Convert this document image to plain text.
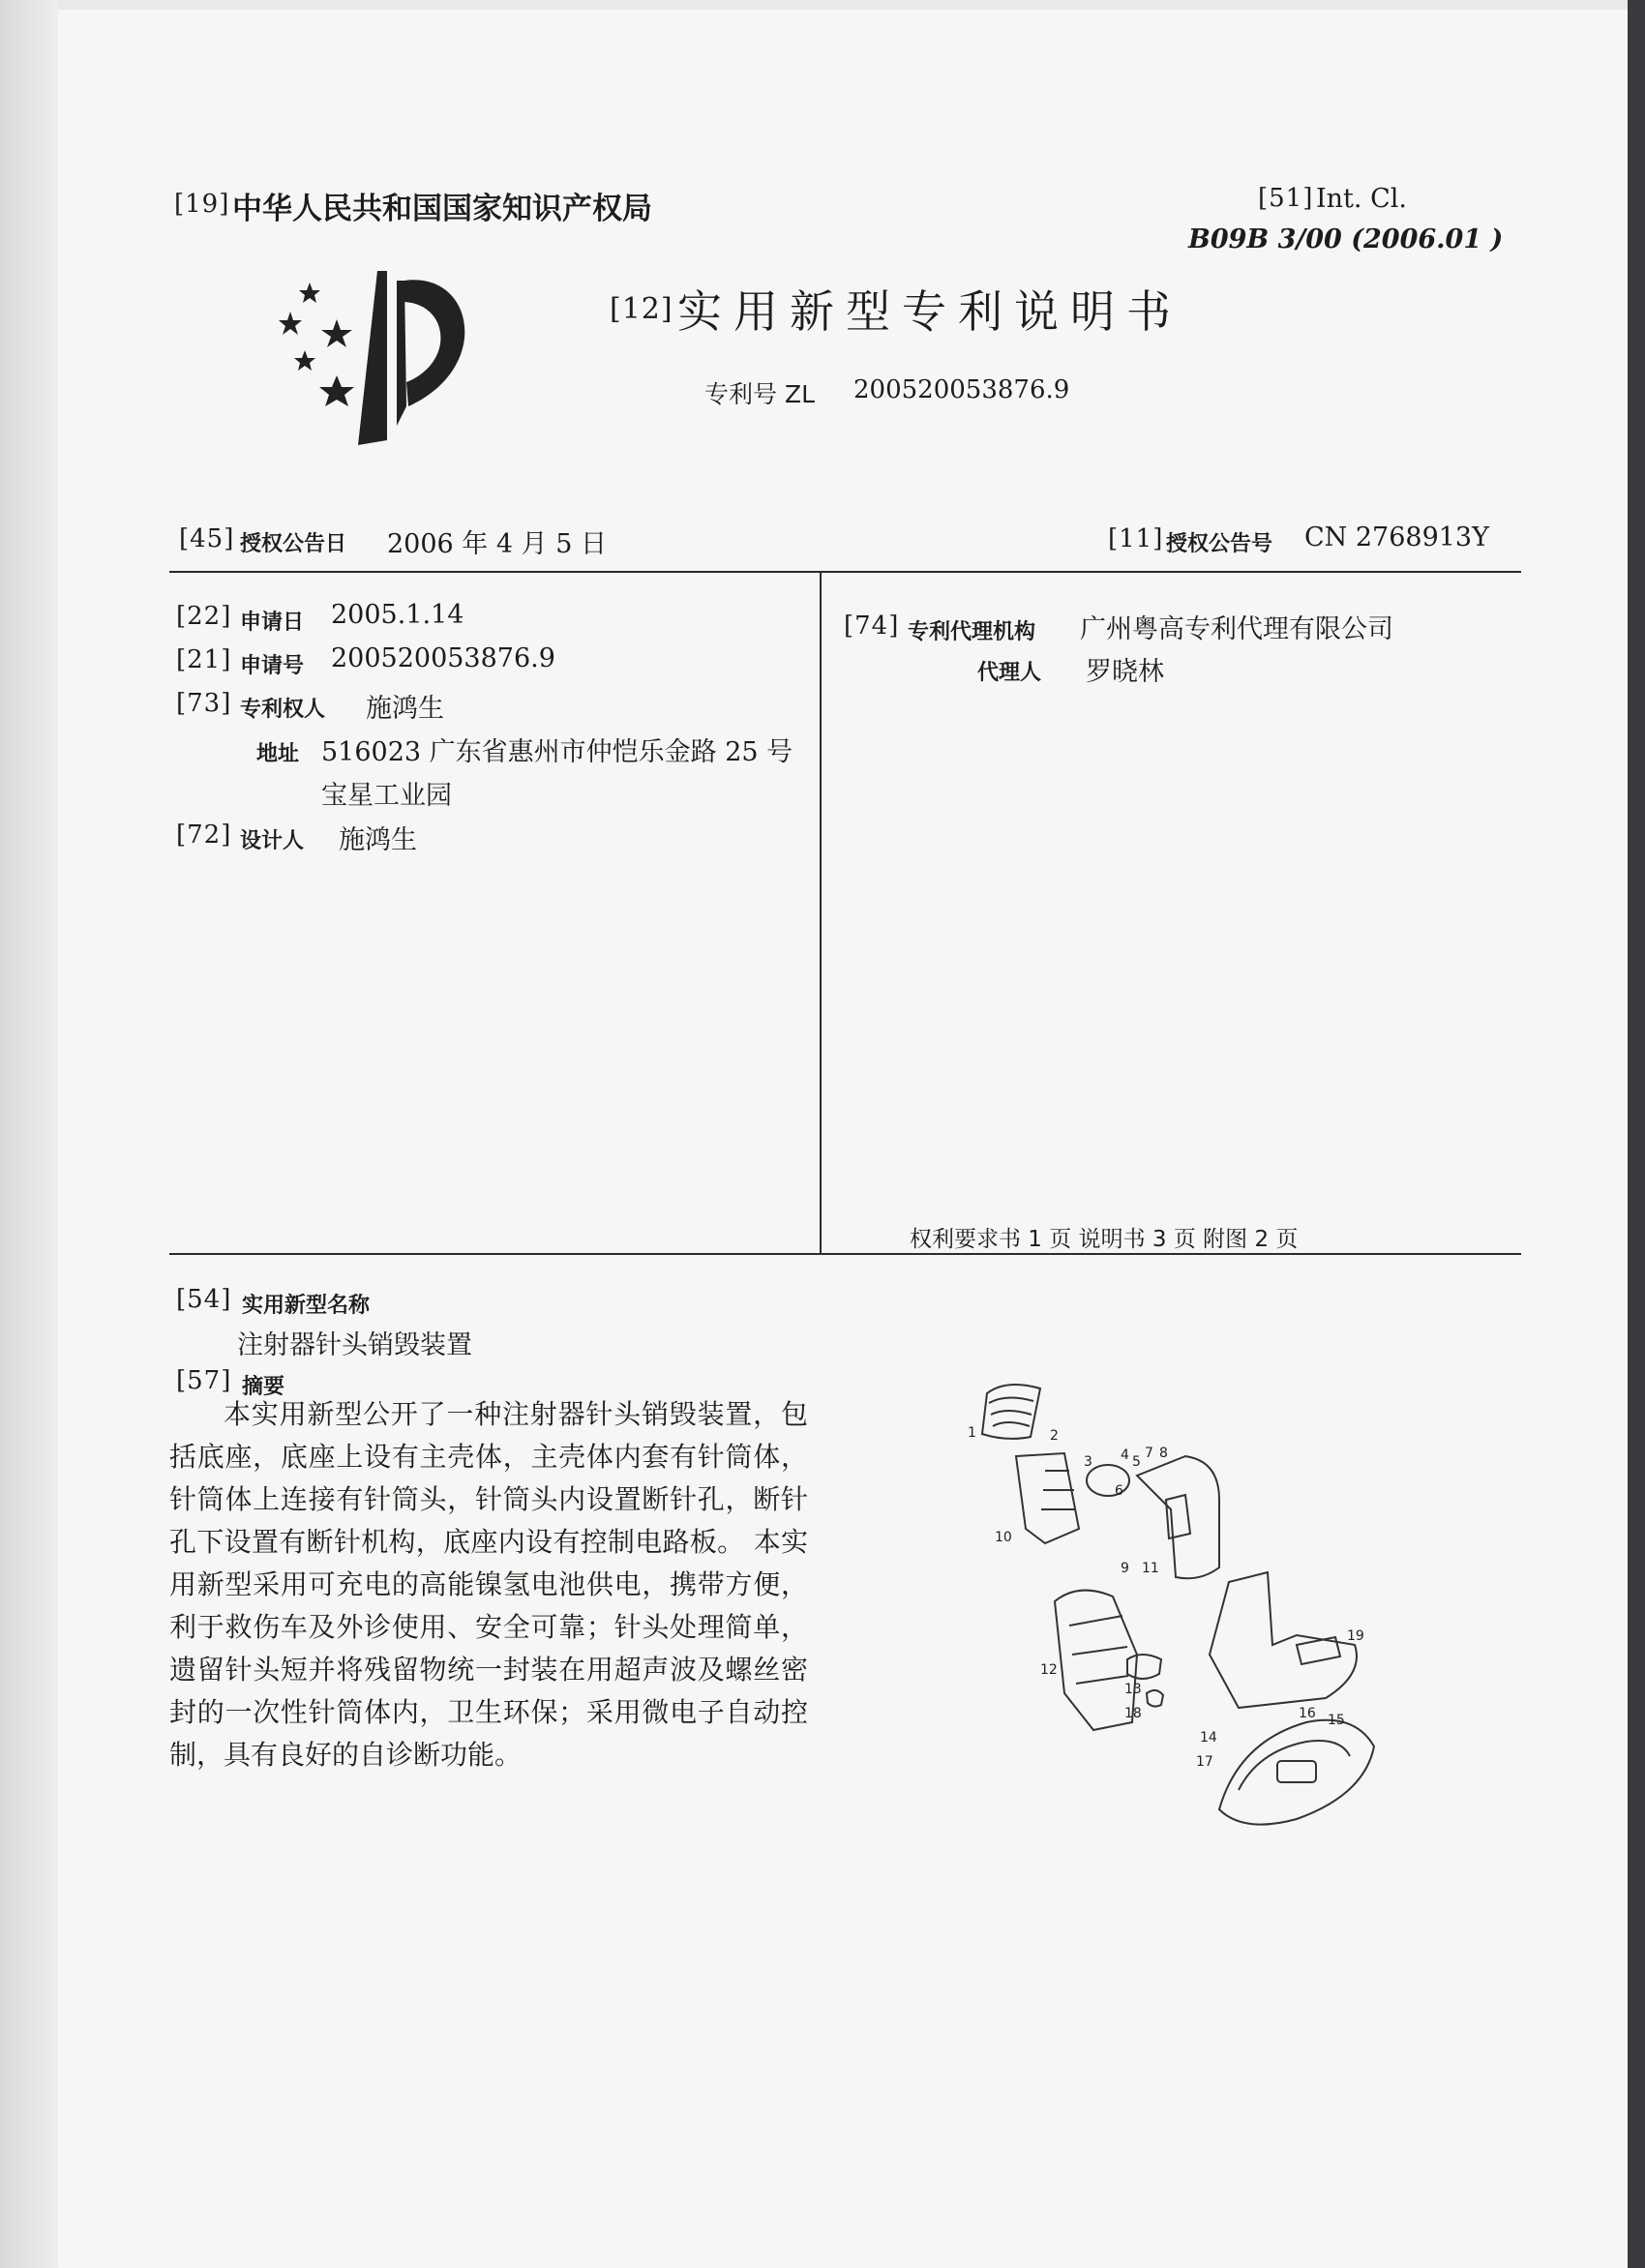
[19] 中华人民共和国国家知识产权局	[51] Int. Cl.
B09B 3/00 (2006.01 )
[12] 实用新型专利说明书
专利号 ZL 200520053876.9
[45] 授权公告日 2006 年 4 月 5 日	[11] 授权公告号 CN 2768913Y
[22] 申请日 2005.1.14
[21] 申请号 200520053876.9
[73] 专利权人 施鸿生
地址 516023 广东省惠州市仲恺乐金路 25 号
宝星工业园
[72] 设计人 施鸿生
[74] 专利代理机构 广州粤高专利代理有限公司
代理人 罗晓林
权利要求书 1 页 说明书 3 页 附图 2 页
[54] 实用新型名称
注射器针头销毁装置
[57] 摘要
本实用新型公开了一种注射器针头销毁装置，包括底座，底座上设有主壳体，主壳体内套有针筒体，针筒体上连接有针筒头，针筒头内设置断针孔，断针孔下设置有断针机构，底座内设有控制电路板。 本实用新型采用可充电的高能镍氢电池供电，携带方便，利于救伤车及外诊使用、安全可靠；针头处理简单，遗留针头短并将残留物统一封装在用超声波及螺丝密封的一次性针筒体内，卫生环保；采用微电子自动控制，具有良好的自诊断功能。
1	2
3 4 5
7 8
6
10
9 11
12
13
18
19
14
16 15
17
